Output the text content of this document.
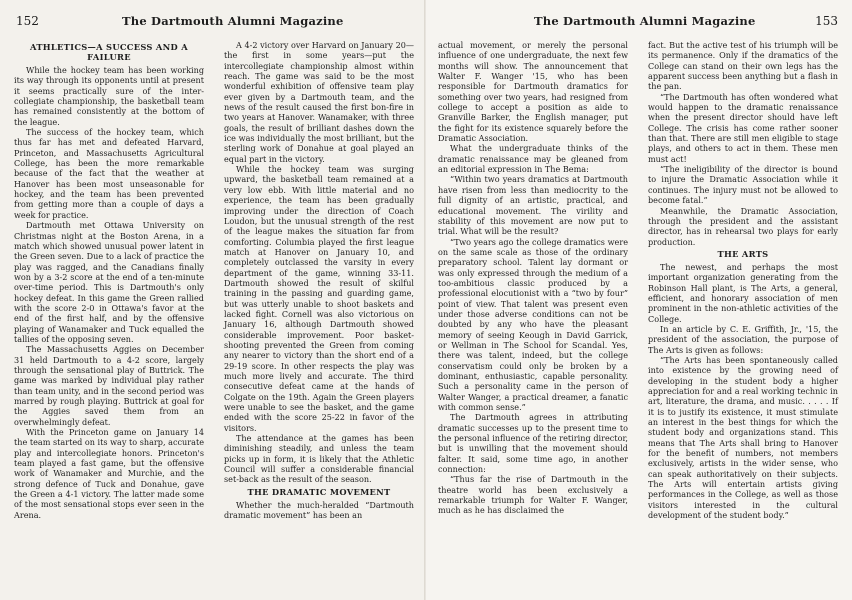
152	The Dartmouth Alumni Magazine
ATHLETICS—A SUCCESS AND A FAILURE

While the hockey team has been working its way through its opponents until at present it seems practically sure of the inter-collegiate championship, the basketball team has remained consistently at the bottom of the league.

The success of the hockey team, which thus far has met and defeated Harvard, Princeton, and Massachusetts Agricultural College, has been the more remarkable because of the fact that the weather at Hanover has been most unseasonable for hockey, and the team has been prevented from getting more than a couple of days a week for practice.

Dartmouth met Ottawa University on Christmas night at the Boston Arena, in a match which showed unusual power latent in the Green seven. Due to a lack of practice the play was ragged, and the Canadians finally won by a 3-2 score at the end of a ten-minute over-time period. This is Dartmouth's only hockey defeat. In this game the Green rallied with the score 2-0 in Ottawa's favor at the end of the first half, and by the offensive playing of Wanamaker and Tuck equalled the tallies of the opposing seven.

The Massachusetts Aggies on December 31 held Dartmouth to a 4-2 score, largely through the sensational play of Buttrick. The game was marked by individual play rather than team unity, and in the second period was marred by rough playing. Buttrick at goal for the Aggies saved them from an overwhelmingly defeat.

With the Princeton game on January 14 the team started on its way to sharp, accurate play and intercollegiate honors. Princeton's team played a fast game, but the offensive work of Wanamaker and Murchie, and the strong defence of Tuck and Donahue, gave the Green a 4-1 victory. The latter made some of the most sensational stops ever seen in the Arena.

A 4-2 victory over Harvard on January 20—the first in some years—put the intercollegiate championship almost within reach. The game was said to be the most wonderful exhibition of offensive team play ever given by a Dartmouth team, and the news of the result caused the first bon-fire in two years at Hanover. Wanamaker, with three goals, the result of brilliant dashes down the ice was individually the most brilliant, but the sterling work of Donahue at goal played an equal part in the victory.

While the hockey team was surging upward, the basketball team remained at a very low ebb. With little material and no experience, the team has been gradually improving under the direction of Coach Loudon, but the unusual strength of the rest of the league makes the situation far from comforting. Columbia played the first league match at Hanover on January 10, and completely outclassed the varsity in every department of the game, winning 33-11. Dartmouth showed the result of skilful training in the passing and guarding game, but was utterly unable to shoot baskets and lacked fight. Cornell was also victorious on January 16, although Dartmouth showed considerable improvement. Poor basket-shooting prevented the Green from coming any nearer to victory than the short end of a 29-19 score. In other respects the play was much more lively and accurate. The third consecutive defeat came at the hands of Colgate on the 19th. Again the Green players were unable to see the basket, and the game ended with the score 25-22 in favor of the visitors.

The attendance at the games has been diminishing steadily, and unless the team picks up in form, it is likely that the Athletic Council will suffer a considerable financial set-back as the result of the season.

THE DRAMATIC MOVEMENT

Whether the much-heralded “Dartmouth dramatic movement” has been an

The Dartmouth Alumni Magazine	153

actual movement, or merely the personal influence of one undergraduate, the next few months will show. The announcement that Walter F. Wanger '15, who has been responsible for Dartmouth dramatics for something over two years, had resigned from college to accept a position as aide to Granville Barker, the English manager, put the fight for its existence squarely before the Dramatic Association.

What the undergraduate thinks of the dramatic renaissance may be gleaned from an editorial expression in The Bema:

“Within two years dramatics at Dartmouth have risen from less than mediocrity to the full dignity of an artistic, practical, and educational movement. The virility and stability of this movement are now put to trial. What will be the result?

“Two years ago the college dramatics were on the same scale as those of the ordinary preparatory school. Talent lay dormant or was only expressed through the medium of a too-ambitious classic produced by a professional elocutionist with a “two by four” point of view. That talent was present even under those adverse conditions can not be doubted by any who have the pleasant memory of seeing Keough in David Garrick, or Wellman in The School for Scandal. Yes, there was talent, indeed, but the college conservatism could only be broken by a dominant, enthusiastic, capable personality. Such a personality came in the person of Walter Wanger, a practical dreamer, a fanatic with common sense.”

The Dartmouth agrees in attributing dramatic successes up to the present time to the personal influence of the retiring director, but is unwilling that the movement should falter. It said, some time ago, in another connection:

“Thus far the rise of Dartmouth in the theatre world has been exclusively a remarkable triumph for Walter F. Wanger, much as he has disclaimed the

fact. But the active test of his triumph will be its permanence. Only if the dramatics of the College can stand on their own legs has the apparent success been anything but a flash in the pan.

“The Dartmouth has often wondered what would happen to the dramatic renaissance when the present director should have left College. The crisis has come rather sooner than that. There are still men eligible to stage plays, and others to act in them. These men must act!

“The ineligibility of the director is bound to injure the Dramatic Association while it continues. The injury must not be allowed to become fatal.”

Meanwhile, the Dramatic Association, through the president and the assistant director, has in rehearsal two plays for early production.

THE ARTS

The newest, and perhaps the most important organization generating from the Robinson Hall plant, is The Arts, a general, efficient, and honorary association of men prominent in the non-athletic activities of the College.

In an article by C. E. Griffith, Jr., '15, the president of the association, the purpose of The Arts is given as follows:

“The Arts has been spontaneously called into existence by the growing need of developing in the student body a higher appreciation for and a real working technic in art, literature, the drama, and music. . . . . If it is to justify its existence, it must stimulate an interest in the best things for which the student body and organizations stand. This means that The Arts shall bring to Hanover for the benefit of numbers, not members exclusively, artists in the wider sense, who can speak authoritatively on their subjects. The Arts will entertain artists giving performances in the College, as well as those visitors interested in the cultural development of the student body.”
